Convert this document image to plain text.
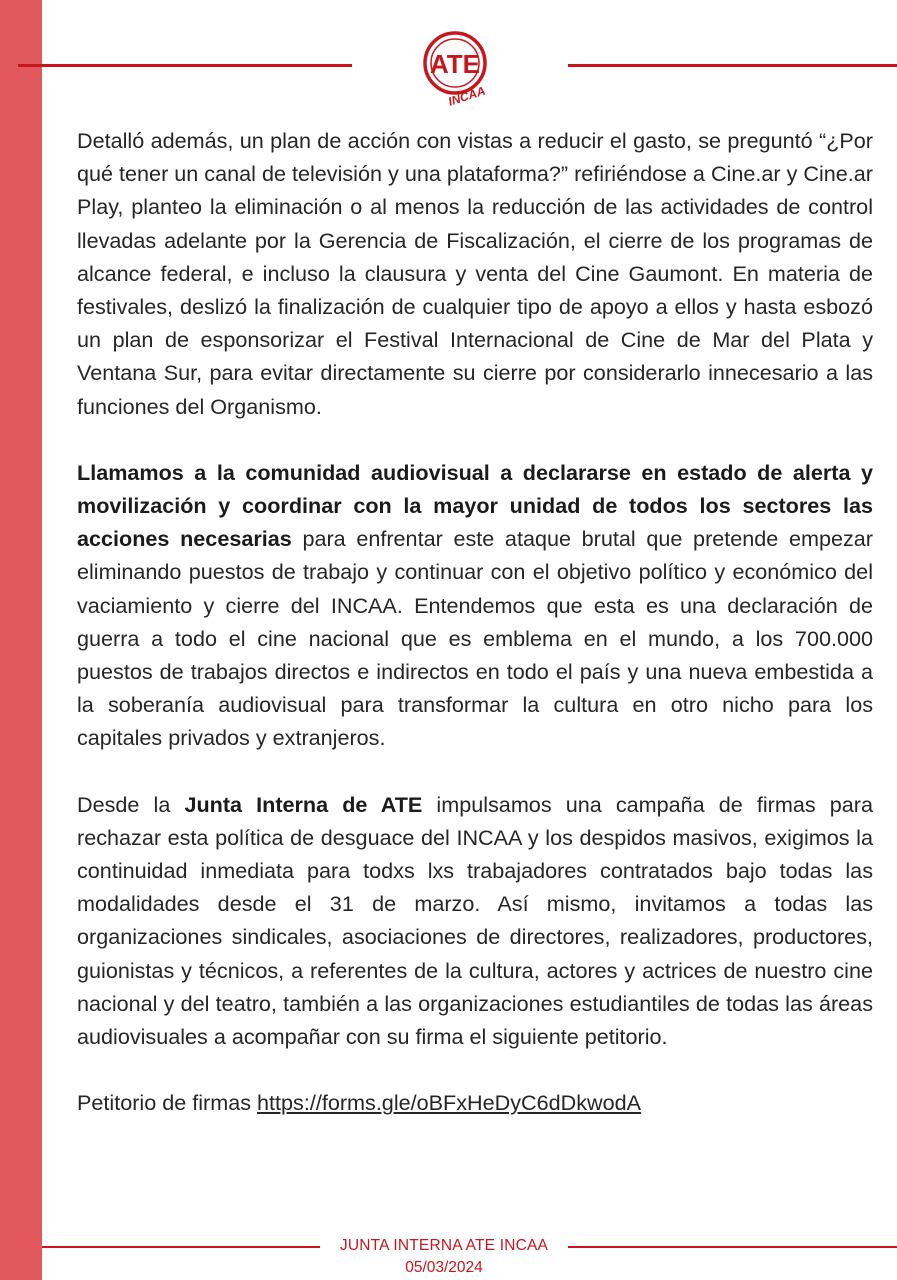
ATE
INCAA

Detalló además, un plan de acción con vistas a reducir el gasto, se preguntó “¿Por qué tener un canal de televisión y una plataforma?” refiriéndose a Cine.ar y Cine.ar Play, planteo la eliminación o al menos la reducción de las actividades de control llevadas adelante por la Gerencia de Fiscalización, el cierre de los programas de alcance federal, e incluso la clausura y venta del Cine Gaumont. En materia de festivales, deslizó la finalización de cualquier tipo de apoyo a ellos y hasta esbozó un plan de esponsorizar el Festival Internacional de Cine de Mar del Plata y Ventana Sur, para evitar directamente su cierre por considerarlo innecesario a las funciones del Organismo.

Llamamos a la comunidad audiovisual a declararse en estado de alerta y movilización y coordinar con la mayor unidad de todos los sectores las acciones necesarias para enfrentar este ataque brutal que pretende empezar eliminando puestos de trabajo y continuar con el objetivo político y económico del vaciamiento y cierre del INCAA. Entendemos que esta es una declaración de guerra a todo el cine nacional que es emblema en el mundo, a los 700.000 puestos de trabajos directos e indirectos en todo el país y una nueva embestida a la soberanía audiovisual para transformar la cultura en otro nicho para los capitales privados y extranjeros.

Desde la Junta Interna de ATE impulsamos una campaña de firmas para rechazar esta política de desguace del INCAA y los despidos masivos, exigimos la continuidad inmediata para todxs lxs trabajadores contratados bajo todas las modalidades desde el 31 de marzo. Así mismo, invitamos a todas las organizaciones sindicales, asociaciones de directores, realizadores, productores, guionistas y técnicos, a referentes de la cultura, actores y actrices de nuestro cine nacional y del teatro, también a las organizaciones estudiantiles de todas las áreas audiovisuales a acompañar con su firma el siguiente petitorio.

Petitorio de firmas https://forms.gle/oBFxHeDyC6dDkwodA

JUNTA INTERNA ATE INCAA
05/03/2024
